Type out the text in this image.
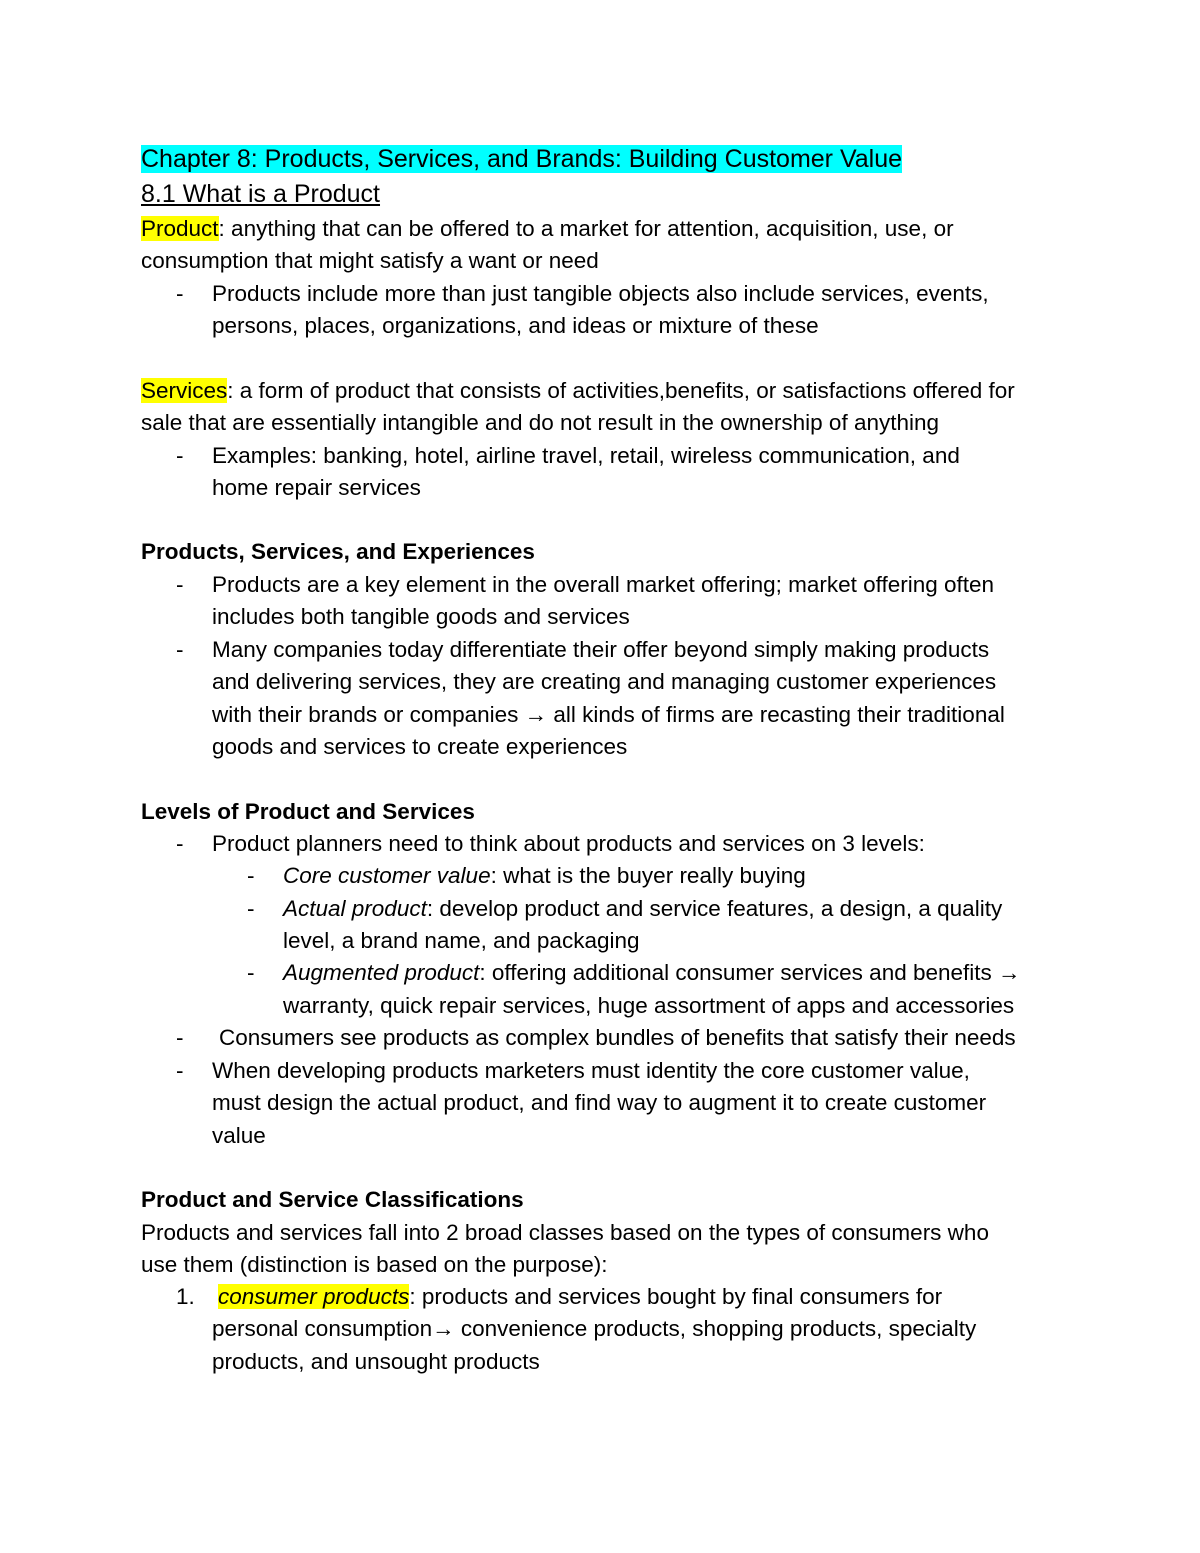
Chapter 8: Products, Services, and Brands: Building Customer Value
8.1 What is a Product
Product: anything that can be offered to a market for attention, acquisition, use, or
consumption that might satisfy a want or need
- Products include more than just tangible objects also include services, events,
persons, places, organizations, and ideas or mixture of these
Services: a form of product that consists of activities,benefits, or satisfactions offered for
sale that are essentially intangible and do not result in the ownership of anything
- Examples: banking, hotel, airline travel, retail, wireless communication, and
home repair services
Products, Services, and Experiences
- Products are a key element in the overall market offering; market offering often
includes both tangible goods and services
- Many companies today differentiate their offer beyond simply making products
and delivering services, they are creating and managing customer experiences
with their brands or companies → all kinds of firms are recasting their traditional
goods and services to create experiences
Levels of Product and Services
- Product planners need to think about products and services on 3 levels:
- Core customer value: what is the buyer really buying
- Actual product: develop product and service features, a design, a quality
level, a brand name, and packaging
- Augmented product: offering additional consumer services and benefits →
warranty, quick repair services, huge assortment of apps and accessories
- Consumers see products as complex bundles of benefits that satisfy their needs
- When developing products marketers must identity the core customer value,
must design the actual product, and find way to augment it to create customer
value
Product and Service Classifications
Products and services fall into 2 broad classes based on the types of consumers who
use them (distinction is based on the purpose):
1. consumer products: products and services bought by final consumers for
personal consumption→ convenience products, shopping products, specialty
products, and unsought products
